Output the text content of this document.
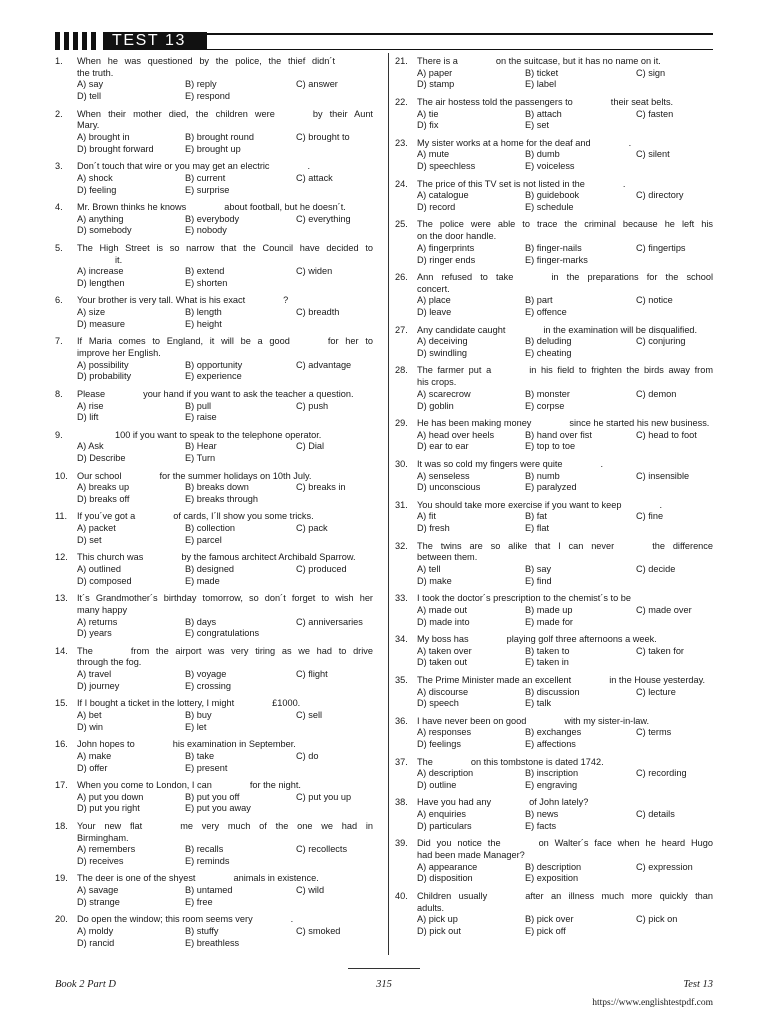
TEST 13
1.	When he was questioned by the police, the thief didn´t
the truth.
A) say	B) reply	C) answer
D) tell	E) respond
2.	When their mother died, the children were	by their Aunt
Mary.
A) brought in	B) brought round	C) brought to
D) brought forward	E) brought up
3.	Don´t touch that wire or you may get an electric	.
A) shock	B) current	C) attack
D) feeling	E) surprise
4.	Mr. Brown thinks he knows	about football, but he doesn´t.
A) anything	B) everybody	C) everything
D) somebody	E) nobody
5.	The High Street is so narrow that the Council have decided to
it.
A) increase	B) extend	C) widen
D) lengthen	E) shorten
6.	Your brother is very tall. What is his exact	?
A) size	B) length	C) breadth
D) measure	E) height
7.	If Maria comes to England, it will be a good	for her to
improve her English.
A) possibility	B) opportunity	C) advantage
D) probability	E) experience
8.	Please	your hand if you want to ask the teacher a question.
A) rise	B) pull	C) push
D) lift	E) raise
9.	100 if you want to speak to the telephone operator.
A) Ask	B) Hear	C) Dial
D) Describe	E) Turn
10.	Our school	for the summer holidays on 10th July.
A) breaks up	B) breaks down	C) breaks in
D) breaks off	E) breaks through
11.	If you´ve got a	of cards, I´ll show you some tricks.
A) packet	B) collection	C) pack
D) set	E) parcel
12.	This church was	by the famous architect Archibald Sparrow.
A) outlined	B) designed	C) produced
D) composed	E) made
13.	It´s Grandmother´s birthday tomorrow, so don´t forget to wish her
many happy
A) returns	B) days	C) anniversaries
D) years	E) congratulations
14.	The	from the airport was very tiring as we had to drive
through the fog.
A) travel	B) voyage	C) flight
D) journey	E) crossing
15.	If I bought a ticket in the lottery, I might	£1000.
A) bet	B) buy	C) sell
D) win	E) let
16.	John hopes to	his examination in September.
A) make	B) take	C) do
D) offer	E) present
17.	When you come to London, I can	for the night.
A) put you down	B) put you off	C) put you up
D) put you right	E) put you away
18.	Your new flat	me very much of the one we had in
Birmingham.
A) remembers	B) recalls	C) recollects
D) receives	E) reminds
19.	The deer is one of the shyest	animals in existence.
A) savage	B) untamed	C) wild
D) strange	E) free
20.	Do open the window; this room seems very	.
A) moldy	B) stuffy	C) smoked
D) rancid	E) breathless
21.	There is a	on the suitcase, but it has no name on it.
A) paper	B) ticket	C) sign
D) stamp	E) label
22.	The air hostess told the passengers to	their seat belts.
A) tie	B) attach	C) fasten
D) fix	E) set
23.	My sister works at a home for the deaf and	.
A) mute	B) dumb	C) silent
D) speechless	E) voiceless
24.	The price of this TV set is not listed in the	.
A) catalogue	B) guidebook	C) directory
D) record	E) schedule
25.	The police were able to trace the criminal because he left his
on the door handle.
A) fingerprints	B) finger-nails	C) fingertips
D) ringer ends	E) finger-marks
26.	Ann refused to take	in the preparations for the school
concert.
A) place	B) part	C) notice
D) leave	E) offence
27.	Any candidate caught	in the examination will be disqualified.
A) deceiving	B) deluding	C) conjuring
D) swindling	E) cheating
28.	The farmer put a	in his field to frighten the birds away from
his crops.
A) scarecrow	B) monster	C) demon
D) goblin	E) corpse
29.	He has been making money	since he started his new business.
A) head over heels	B) hand over fist	C) head to foot
D) ear to ear	E) top to toe
30.	It was so cold my fingers were quite	.
A) senseless	B) numb	C) insensible
D) unconscious	E) paralyzed
31.	You should take more exercise if you want to keep	.
A) fit	B) fat	C) fine
D) fresh	E) flat
32.	The twins are so alike that I can never	the difference
between them.
A) tell	B) say	C) decide
D) make	E) find
33.	I took the doctor´s prescription to the chemist´s to be
A) made out	B) made up	C) made over
D) made into	E) made for
34.	My boss has	playing golf three afternoons a week.
A) taken over	B) taken to	C) taken for
D) taken out	E) taken in
35.	The Prime Minister made an excellent	in the House yesterday.
A) discourse	B) discussion	C) lecture
D) speech	E) talk
36.	I have never been on good	with my sister-in-law.
A) responses	B) exchanges	C) terms
D) feelings	E) affections
37.	The	on this tombstone is dated 1742.
A) description	B) inscription	C) recording
D) outline	E) engraving
38.	Have you had any	of John lately?
A) enquiries	B) news	C) details
D) particulars	E) facts
39.	Did you notice the	on Walter´s face when he heard Hugo
had been made Manager?
A) appearance	B) description	C) expression
D) disposition	E) exposition
40.	Children usually	after an illness much more quickly than
adults.
A) pick up	B) pick over	C) pick on
D) pick out	E) pick off
Book 2 Part D	315	Test 13
https://www.englishtestpdf.com
